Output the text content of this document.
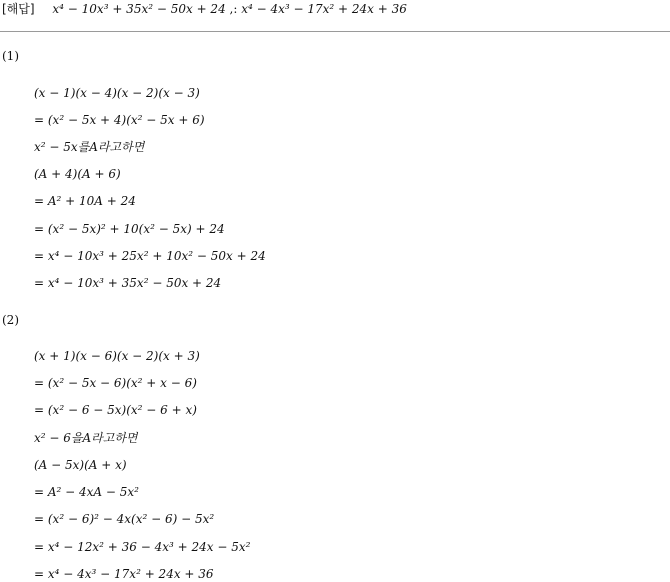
[해답] x⁴ − 10x³ + 35x² − 50x + 24 ,: x⁴ − 4x³ − 17x² + 24x + 36
(1)
(x − 1)(x − 4)(x − 2)(x − 3)
= (x² − 5x + 4)(x² − 5x + 6)
x² − 5x를A라고하면
(A + 4)(A + 6)
= A² + 10A + 24
= (x² − 5x)² + 10(x² − 5x) + 24
= x⁴ − 10x³ + 25x² + 10x² − 50x + 24
= x⁴ − 10x³ + 35x² − 50x + 24
(2)
(x + 1)(x − 6)(x − 2)(x + 3)
= (x² − 5x − 6)(x² + x − 6)
= (x² − 6 − 5x)(x² − 6 + x)
x² − 6을A라고하면
(A − 5x)(A + x)
= A² − 4xA − 5x²
= (x² − 6)² − 4x(x² − 6) − 5x²
= x⁴ − 12x² + 36 − 4x³ + 24x − 5x²
= x⁴ − 4x³ − 17x² + 24x + 36
